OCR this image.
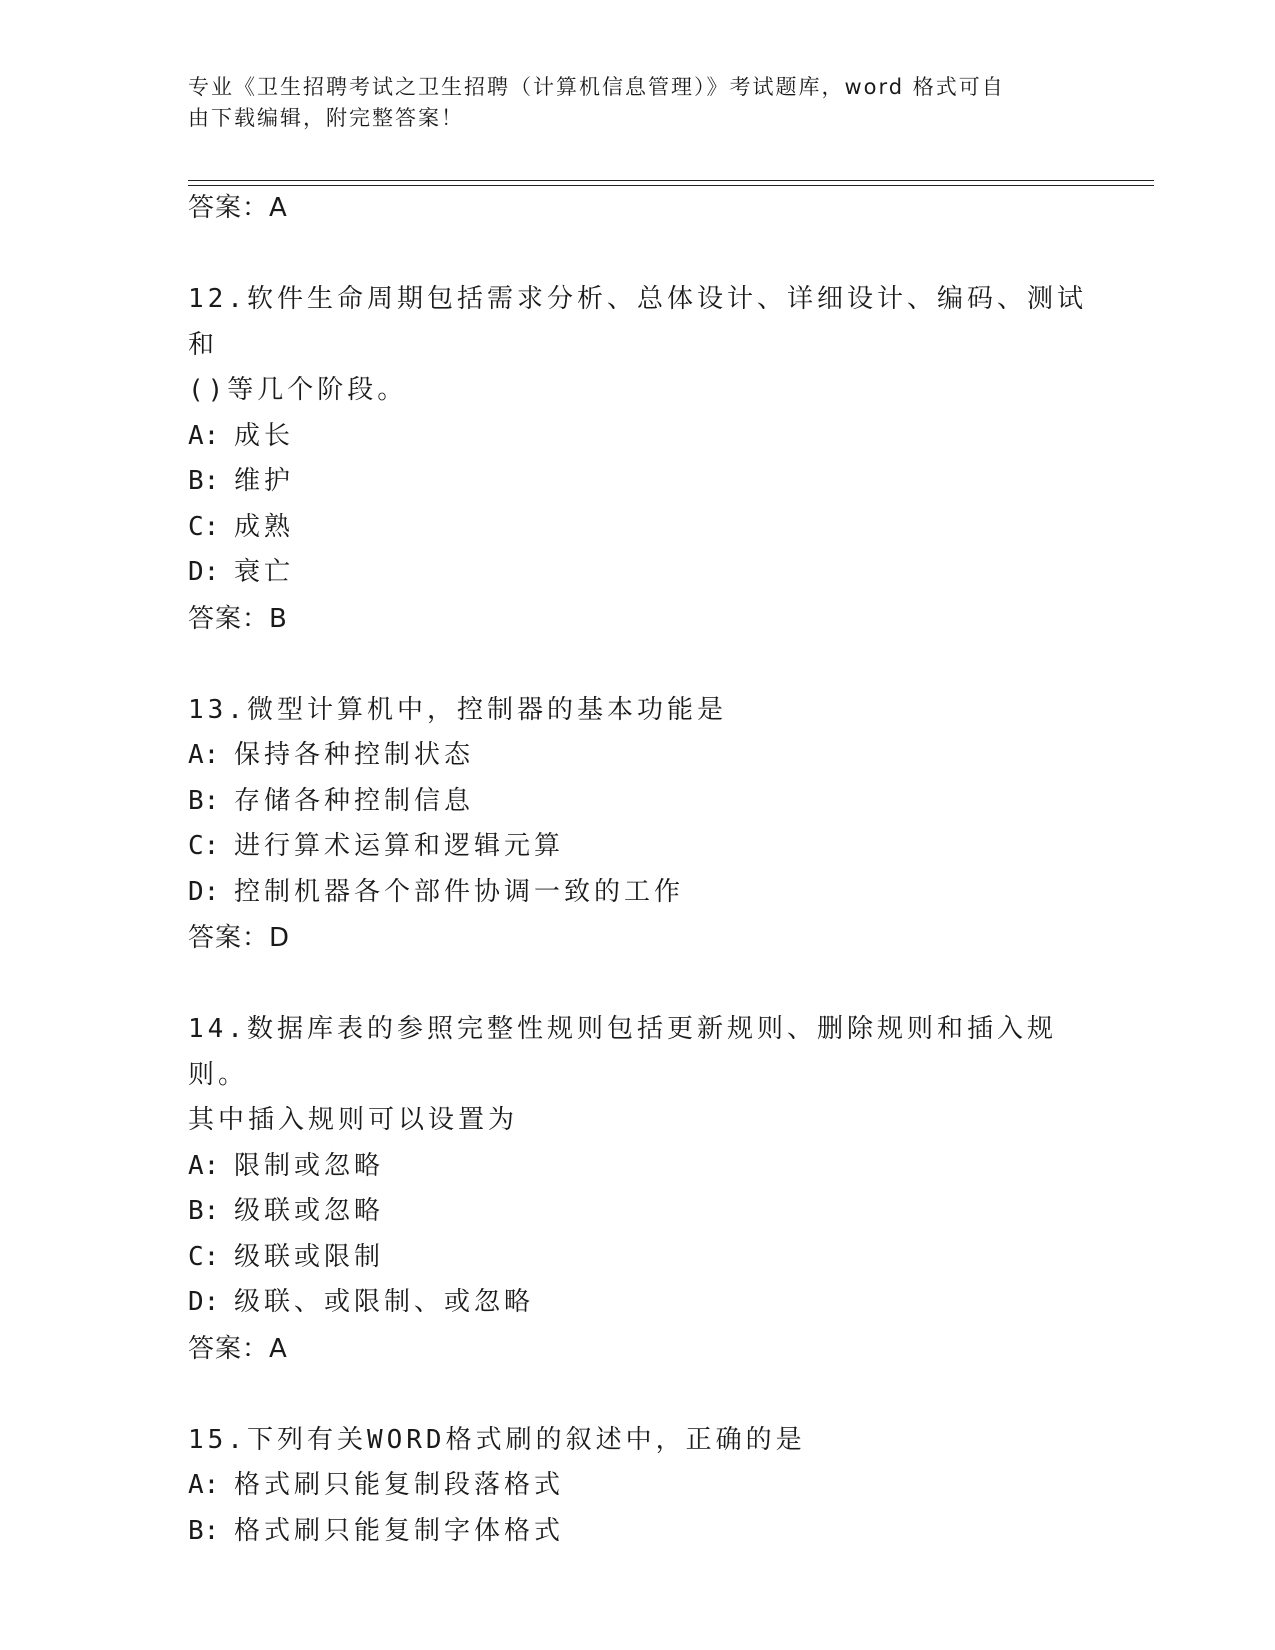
专业《卫生招聘考试之卫生招聘（计算机信息管理）》考试题库，word 格式可自
由下载编辑，附完整答案！
答案：A
12.软件生命周期包括需求分析、总体设计、详细设计、编码、测试和
()等几个阶段。
A: 成长
B: 维护
C: 成熟
D: 衰亡
答案：B
13.微型计算机中，控制器的基本功能是
A: 保持各种控制状态
B: 存储各种控制信息
C: 进行算术运算和逻辑元算
D: 控制机器各个部件协调一致的工作
答案：D
14.数据库表的参照完整性规则包括更新规则、删除规则和插入规则。
其中插入规则可以设置为
A: 限制或忽略
B: 级联或忽略
C: 级联或限制
D: 级联、或限制、或忽略
答案：A
15.下列有关WORD格式刷的叙述中，正确的是
A: 格式刷只能复制段落格式
B: 格式刷只能复制字体格式
